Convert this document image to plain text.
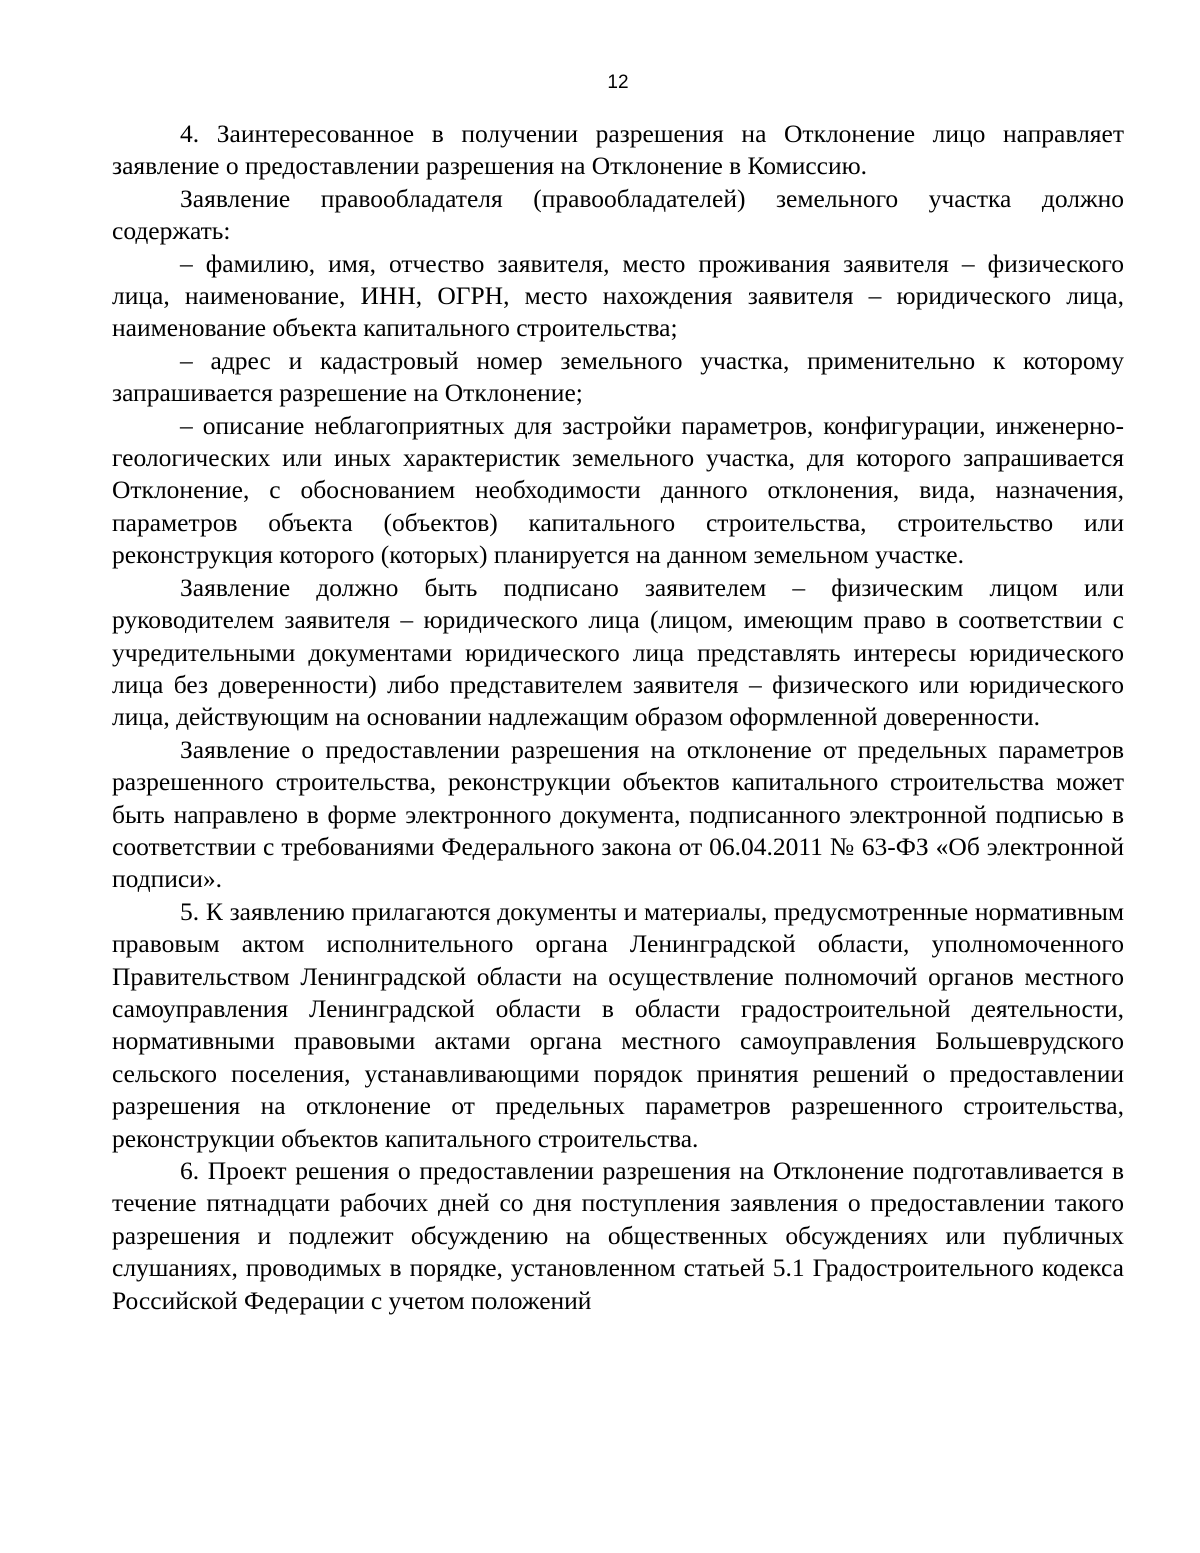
12

4. Заинтересованное в получении разрешения на Отклонение лицо направляет заявление о предоставлении разрешения на Отклонение в Комиссию.

Заявление правообладателя (правообладателей) земельного участка должно содержать:

– фамилию, имя, отчество заявителя, место проживания заявителя – физического лица, наименование, ИНН, ОГРН, место нахождения заявителя – юридического лица, наименование объекта капитального строительства;

– адрес и кадастровый номер земельного участка, применительно к которому запрашивается разрешение на Отклонение;

– описание неблагоприятных для застройки параметров, конфигурации, инженерно-геологических или иных характеристик земельного участка, для которого запрашивается Отклонение, с обоснованием необходимости данного отклонения, вида, назначения, параметров объекта (объектов) капитального строительства, строительство или реконструкция которого (которых) планируется на данном земельном участке.

Заявление должно быть подписано заявителем – физическим лицом или руководителем заявителя – юридического лица (лицом, имеющим право в соответствии с учредительными документами юридического лица представлять интересы юридического лица без доверенности) либо представителем заявителя – физического или юридического лица, действующим на основании надлежащим образом оформленной доверенности.

Заявление о предоставлении разрешения на отклонение от предельных параметров разрешенного строительства, реконструкции объектов капитального строительства может быть направлено в форме электронного документа, подписанного электронной подписью в соответствии с требованиями Федерального закона от 06.04.2011 № 63-ФЗ «Об электронной подписи».

5. К заявлению прилагаются документы и материалы, предусмотренные нормативным правовым актом исполнительного органа Ленинградской области, уполномоченного Правительством Ленинградской области на осуществление полномочий органов местного самоуправления Ленинградской области в области градостроительной деятельности, нормативными правовыми актами органа местного самоуправления Большеврудского сельского поселения, устанавливающими порядок принятия решений о предоставлении разрешения на отклонение от предельных параметров разрешенного строительства, реконструкции объектов капитального строительства.

6. Проект решения о предоставлении разрешения на Отклонение подготавливается в течение пятнадцати рабочих дней со дня поступления заявления о предоставлении такого разрешения и подлежит обсуждению на общественных обсуждениях или публичных слушаниях, проводимых в порядке, установленном статьей 5.1 Градостроительного кодекса Российской Федерации с учетом положений
